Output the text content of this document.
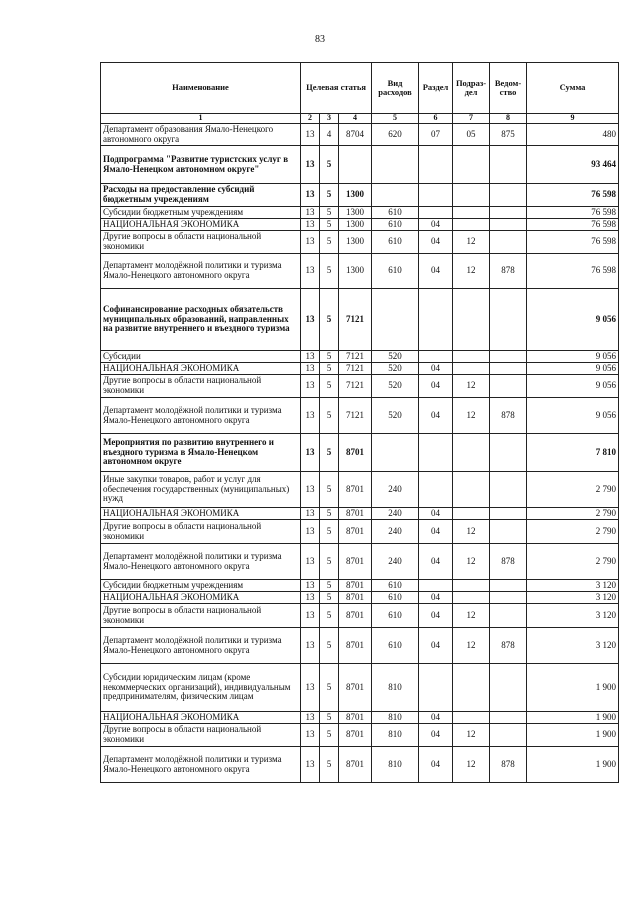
83
Наименование	Целевая статья			Вид расходов	Раздел	Подраз-дел	Ведом-ство	Сумма
1	2	3	4	5	6	7	8	9
Департамент образования Ямало-Ненецкого автономного округа	13	4	8704	620	07	05	875	480
Подпрограмма "Развитие туристских услуг в Ямало-Ненецком автономном округе"	13	5						93 464
Расходы на предоставление субсидий бюджетным учреждениям	13	5	1300					76 598
Субсидии бюджетным учреждениям	13	5	1300	610				76 598
НАЦИОНАЛЬНАЯ ЭКОНОМИКА	13	5	1300	610	04			76 598
Другие вопросы в области национальной экономики	13	5	1300	610	04	12		76 598
Департамент молодёжной политики и туризма Ямало-Ненецкого автономного округа	13	5	1300	610	04	12	878	76 598
Софинансирование расходных обязательств муниципальных образований, направленных на развитие внутреннего и въездного туризма	13	5	7121					9 056
Субсидии	13	5	7121	520				9 056
НАЦИОНАЛЬНАЯ ЭКОНОМИКА	13	5	7121	520	04			9 056
Другие вопросы в области национальной экономики	13	5	7121	520	04	12		9 056
Департамент молодёжной политики и туризма Ямало-Ненецкого автономного округа	13	5	7121	520	04	12	878	9 056
Мероприятия по развитию внутреннего и въездного туризма в Ямало-Ненецком автономном округе	13	5	8701					7 810
Иные закупки товаров, работ и услуг для обеспечения государственных (муниципальных) нужд	13	5	8701	240				2 790
НАЦИОНАЛЬНАЯ ЭКОНОМИКА	13	5	8701	240	04			2 790
Другие вопросы в области национальной экономики	13	5	8701	240	04	12		2 790
Департамент молодёжной политики и туризма Ямало-Ненецкого автономного округа	13	5	8701	240	04	12	878	2 790
Субсидии бюджетным учреждениям	13	5	8701	610				3 120
НАЦИОНАЛЬНАЯ ЭКОНОМИКА	13	5	8701	610	04			3 120
Другие вопросы в области национальной экономики	13	5	8701	610	04	12		3 120
Департамент молодёжной политики и туризма Ямало-Ненецкого автономного округа	13	5	8701	610	04	12	878	3 120
Субсидии юридическим лицам (кроме некоммерческих организаций), индивидуальным предпринимателям, физическим лицам	13	5	8701	810				1 900
НАЦИОНАЛЬНАЯ ЭКОНОМИКА	13	5	8701	810	04			1 900
Другие вопросы в области национальной экономики	13	5	8701	810	04	12		1 900
Департамент молодёжной политики и туризма Ямало-Ненецкого автономного округа	13	5	8701	810	04	12	878	1 900
